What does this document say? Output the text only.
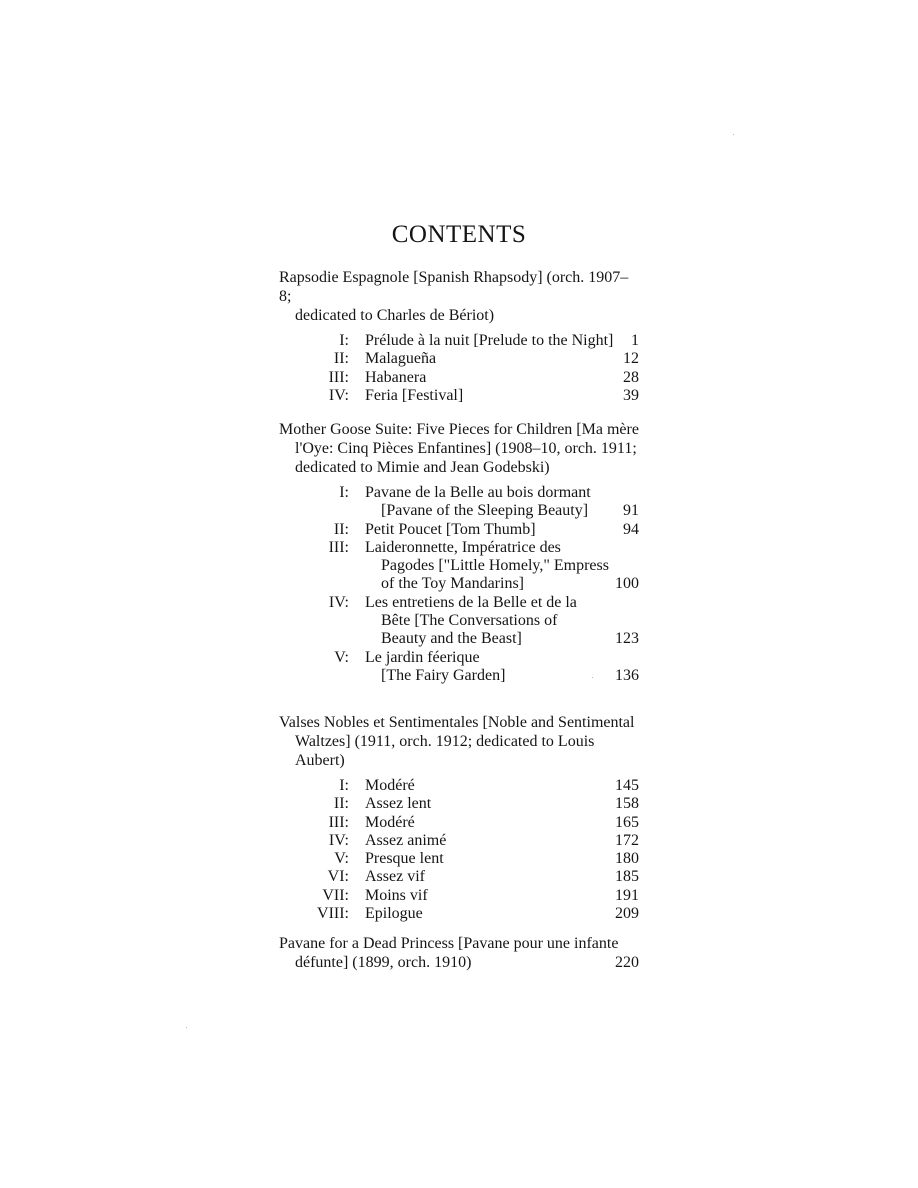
CONTENTS
Rapsodie Espagnole [Spanish Rhapsody] (orch. 1907–8;
dedicated to Charles de Bériot)
I: Prélude à la nuit [Prelude to the Night] 1
II: Malagueña	12
III: Habanera	28
IV: Feria [Festival]	39
Mother Goose Suite: Five Pieces for Children [Ma mère
l'Oye: Cinq Pièces Enfantines] (1908–10, orch. 1911;
dedicated to Mimie and Jean Godebski)
I: Pavane de la Belle au bois dormant
[Pavane of the Sleeping Beauty] 91
II: Petit Poucet [Tom Thumb]	94
III: Laideronnette, Impératrice des
Pagodes ["Little Homely," Empress
of the Toy Mandarins]	100
IV: Les entretiens de la Belle et de la
Bête [The Conversations of
Beauty and the Beast]	123
V: Le jardin féerique
[The Fairy Garden]	136
Valses Nobles et Sentimentales [Noble and Sentimental
Waltzes] (1911, orch. 1912; dedicated to Louis Aubert)
I: Modéré	145
II: Assez lent	158
III: Modéré	165
IV: Assez animé	172
V: Presque lent	180
VI: Assez vif	185
VII: Moins vif	191
VIII: Epilogue	209
Pavane for a Dead Princess [Pavane pour une infante
défunte] (1899, orch. 1910)	220
